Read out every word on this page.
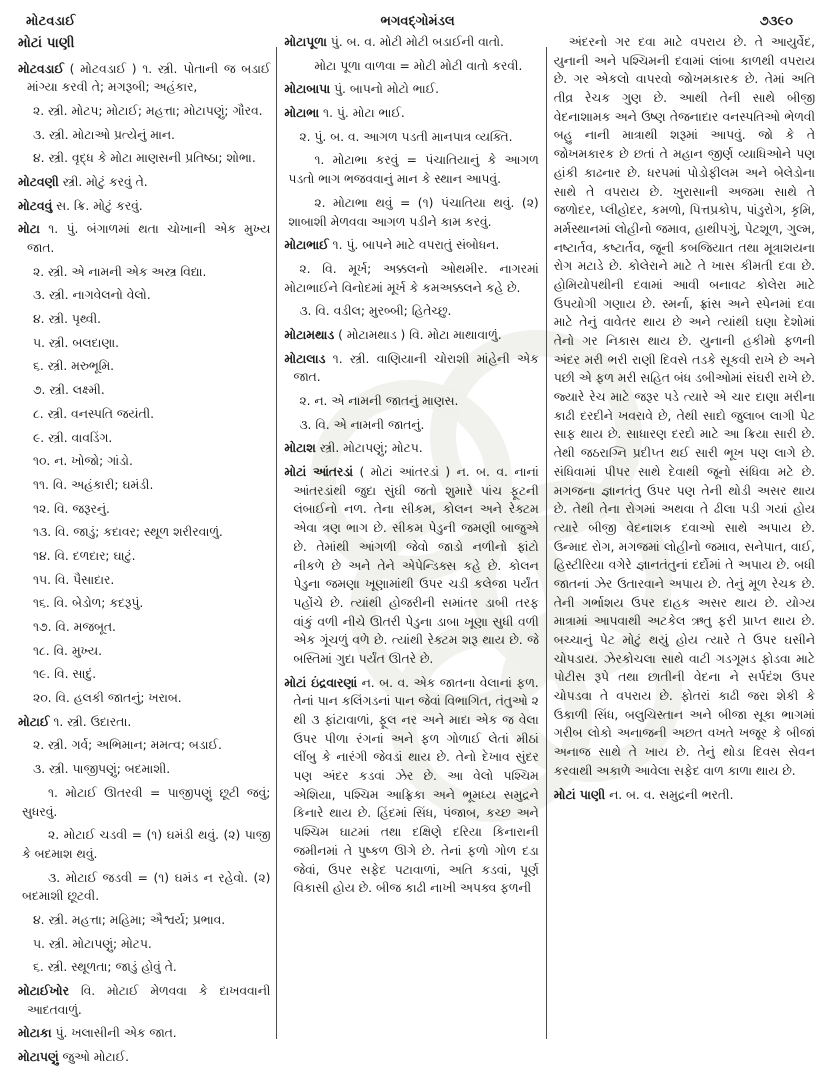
મોટવડાઈ	ભગવદ્ગોમંડલ	૭૩૯૦

મોટાં પાણી

મોટવડાઈ ( મોટવડાઈ ) ૧. સ્ત્રી. પોતાની જ બડાઈ માંગ્યા કરવી તે; મગરૂબી; અહંકાર,

૨. સ્ત્રી. મોટપ; મોટાઈ; મહત્તા; મોટાપણું; ગૌરવ.

૩. સ્ત્રી. મોટાઓ પ્રત્યેનું માન.

૪. સ્ત્રી. વૃદ્ધ કે મોટા માણસની પ્રતિષ્ઠા; શોભા.

મોટવણી સ્ત્રી. મોટું કરવું તે.

મોટવવું સ. ક્રિ. મોટું કરવું.

મોટા ૧. પું. બંગાળમાં થતા ચોખાની એક મુખ્ય જાત.

૨. સ્ત્રી. એ નામની એક અસ્ત્ર વિદ્યા.

૩. સ્ત્રી. નાગવેલનો વેલો.

૪. સ્ત્રી. પૃથ્વી.

૫. સ્ત્રી. બલદાણા.

૬. સ્ત્રી. મરુભૂમિ.

૭. સ્ત્રી. લક્ષ્મી.

૮. સ્ત્રી. વનસ્પતિ જયંતી.

૯. સ્ત્રી. વાવડિંગ.

૧૦. ન. ખોજો; ગાંડો.

૧૧. વિ. અહંકારી; ઘમંડી.

૧૨. વિ. જરૂરનું.

૧૩. વિ. જાડું; કદાવર; સ્થૂળ શરીરવાળું.

૧૪. વિ. દળદાર; ઘાટું.

૧૫. વિ. પૈસાદાર.

૧૬. વિ. બેડોળ; કદરૂપું.

૧૭. વિ. મજબૂત.

૧૮. વિ. મુખ્ય.

૧૯. વિ. સાદું.

૨૦. વિ. હલકી જાતનું; ખરાબ.

મોટાઈ ૧. સ્ત્રી. ઉદારતા.

૨. સ્ત્રી. ગર્વ; અભિમાન; મમત્વ; બડાઈ.

૩. સ્ત્રી. પાજીપણું; બદમાશી.

૧. મોટાઈ ઊતરવી = પાજીપણું છૂટી જવું; સુધરવું.

૨. મોટાઈ ચડવી = (૧) ઘમંડી થવું. (૨) પાજી કે બદમાશ થવું.

૩. મોટાઈ જડવી = (૧) ઘમંડ ન રહેવો. (૨) બદમાશી છૂટવી.

૪. સ્ત્રી. મહત્તા; મહિમા; ઐશ્વર્ય; પ્રભાવ.

૫. સ્ત્રી. મોટાપણું; મોટપ.

૬. સ્ત્રી. સ્થૂળતા; જાડું હોવું તે.

મોટાઈખોર વિ. મોટાઈ મેળવવા કે દાખવવાની આદતવાળું.

મોટાકા પું. ખલાસીની એક જાત.

મોટાપણું જુઓ મોટાઈ.

મોટાપૂળા પું. બ. વ. મોટી મોટી બડાઈની વાતો.

મોટા પૂળા વાળવા = મોટી મોટી વાતો કરવી.

મોટાબાપા પું. બાપનો મોટો ભાઈ.

મોટાભા ૧. પું. મોટા ભાઈ.

૨. પું. બ. વ. આગળ પડતી માનપાત્ર વ્યક્તિ.

૧. મોટાભા કરવું = પંચાતિયાનું કે આગળ પડતો ભાગ ભજવવાનું માન કે સ્થાન આપવું.

૨. મોટાભા થવું = (૧) પંચાતિયા થવું. (૨) શાબાશી મેળવવા આગળ પડીને કામ કરવું.

મોટાભાઈ ૧. પું. બાપને માટે વપરાતું સંબોધન.

૨. વિ. મૂર્ખ; અક્કલનો ઓથમીર. નાગરમાં મોટાભાઈને વિનોદમાં મૂર્ખ કે કમઅક્કલને કહે છે.

૩. વિ. વડીલ; મુરબ્બી; હિતેચ્છુ.

મોટામથાડ ( મોટામથાડ ) વિ. મોટા માથાવાળું.

મોટાલાડ ૧. સ્ત્રી. વાણિયાની ચોરાશી માંહેની એક જાત.

૨. ન. એ નામની જાતનું માણસ.

૩. વિ. એ નામની જાતનું.

મોટાશ સ્ત્રી. મોટાપણું; મોટપ.

મોટાં આંતરડાં ( મોટાં આંતરડાં ) ન. બ. વ. નાનાં આંતરડાંથી જુદા સુંઘી જતો શુમારે પાંચ ફૂટની લંબાઈનો નળ. તેના સીકમ, કોલન અને રેક્ટમ એવા ત્રણ ભાગ છે. સીકમ પેડુની જમણી બાજુએ છે. તેમાંથી આંગળી જેવો જાડો નળીનો ફાંટો નીકળે છે અને તેને એપેન્ડિક્સ કહે છે. કોલન પેડુના જમણા ખૂણામાંથી ઉપર ચડી કલેજા પર્યંત પહોંચે છે. ત્યાંથી હોજરીની સમાંતર ડાબી તરફ વાંકું વળી નીચે ઊતરી પેડુના ડાબા ખૂણા સુધી વળી એક ગૂંચળું વળે છે. ત્યાંથી રેક્ટમ શરૂ થાય છે. જે બસ્તિમાં ગુદા પર્યંત ઊતરે છે.

મોટાં ઇંદ્રવારણાં ન. બ. વ. એક જાતના વેલાનાં ફળ. તેનાં પાન કલિંગડનાં પાન જેવાં વિભાગિત, તંતુઓ ૨ થી ૩ ફાંટાવાળાં, ફૂલ નર અને માદા એક જ વેલા ઉપર પીળા રંગનાં અને ફળ ગોળાઈ લેતાં મીઠાં લીંબુ કે નારંગી જેવડાં થાય છે. તેનો દેખાવ સુંદર પણ અંદર કડવાં ઝેર છે. આ વેલો પશ્ચિમ એશિયા, પશ્ચિમ આફ્રિકા અને ભૂમધ્ય સમુદ્રને કિનારે થાય છે. હિંદમાં સિંધ, પંજાબ, કચ્છ અને પશ્ચિમ ઘાટમાં તથા દક્ષિણે દરિયા કિનારાની જમીનમાં તે પુષ્કળ ઊગે છે. તેનાં ફળો ગોળ દડા જેવાં, ઉપર સફેદ પટાવાળાં, અતિ કડવાં, પૂર્ણ વિકાસી હોય છે. બીજ કાઢી નાખી અપક્વ ફળની

અંદરનો ગર દવા માટે વપરાય છે. તે આયુર્વેદ, યુનાની અને પશ્ચિમની દવામાં લાંબા કાળથી વપરાય છે. ગર એકલો વાપરવો જોખમકારક છે. તેમાં અતિ તીવ્ર રેચક ગુણ છે. આથી તેની સાથે બીજી વેદનાશામક અને ઉષ્ણ તેજનાદાર વનસ્પતિઓ ભેળવી બહુ નાની માત્રાથી શરૂમાં આપવું. જો કે તે જોખમકારક છે છતાં તે મહાન જીર્ણ વ્યાધિઓને પણ હાંકી કાઢનાર છે. ધરપમાં પોડોફીલમ અને બેલેડોના સાથે તે વપરાય છે. ખુરાસાની અજમા સાથે તે જળોદર, પ્લીહોદર, કમળો, પિત્તપ્રકોપ, પાંડુરોગ, કૃમિ, મર્મસ્થાનમાં લોહીનો જમાવ, હાથીપગું, પેટશૂળ, ગુલ્મ, નષ્ટાર્તવ, કષ્ટાર્તવ, જૂની કબજિયાત તથા મૂત્રાશયના રોગ મટાડે છે. કોલેરાને માટે તે ખાસ કીમતી દવા છે. હોમિયોપથીની દવામાં આવી બનાવટ કોલેરા માટે ઉપયોગી ગણાય છે. સ્મર્ના, ફ્રાંસ અને સ્પેનમાં દવા માટે તેનું વાવેતર થાય છે અને ત્યાંથી ઘણા દેશોમાં તેનો ગર નિકાસ થાય છે. યુનાની હકીમો ફળની અંદર મરી ભરી રાણી દિવસે તડકે સૂકવી રાખે છે અને પછી એ ફળ મરી સહિત બંધ ડબીઓમાં સંઘરી રાખે છે. જ્યારે રેચ માટે જરૂર પડે ત્યારે એ ચાર દાણા મરીના કાઢી દરદીને ખવરાવે છે, તેથી સાદો જુલાબ લાગી પેટ સાફ થાય છે. સાધારણ દરદો માટે આ ક્રિયા સારી છે. તેથી જઠરાગ્નિ પ્રદીપ્ત થઈ સારી ભૂખ પણ લાગે છે. સંધિવામાં પીપર સાથે દેવાથી જૂનો સંધિવા મટે છે. મગજના જ્ઞાનતંતુ ઉપર પણ તેની થોડી અસર થાય છે. તેથી તેના રોગમાં અથવા તે ઢીલા પડી ગયાં હોય ત્યારે બીજી વેદનાશક દવાઓ સાથે અપાય છે. ઉન્માદ રોગ, મગજમાં લોહીનો જમાવ, સનેપાત, વાઈ, હિસ્ટીરિયા વગેરે જ્ઞાનતંતુનાં દર્દોમાં તે અપાય છે. બધી જાતનાં ઝેર ઉતારવાને અપાય છે. તેનું મૂળ રેચક છે. તેની ગર્ભાશય ઉપર દાહક અસર થાય છે. યોગ્ય માત્રામાં આપવાથી અટકેલ ઋતુ ફરી પ્રાપ્ત થાય છે. બચ્ચાનું પેટ મોટું થયું હોય ત્યારે તે ઉપર ઘસીને ચોપડાય. ઝેરકોચલા સાથે વાટી ગડગૂમડ ફોડવા માટે પોટીસ રૂપે તથા છાતીની વેદના ને સર્પદંશ ઉપર ચોપડવા તે વપરાય છે. ફોતરાં કાઢી જરા શેકી કે ઉકાળી સિંધ, બલુચિસ્તાન અને બીજા સૂકા ભાગમાં ગરીબ લોકો અનાજની અછત વખતે ખજૂર કે બીજાં અનાજ સાથે તે ખાય છે. તેનું થોડા દિવસ સેવન કરવાથી અકાળે આવેલા સફેદ વાળ કાળા થાય છે.

મોટાં પાણી ન. બ. વ. સમુદ્રની ભરતી.
